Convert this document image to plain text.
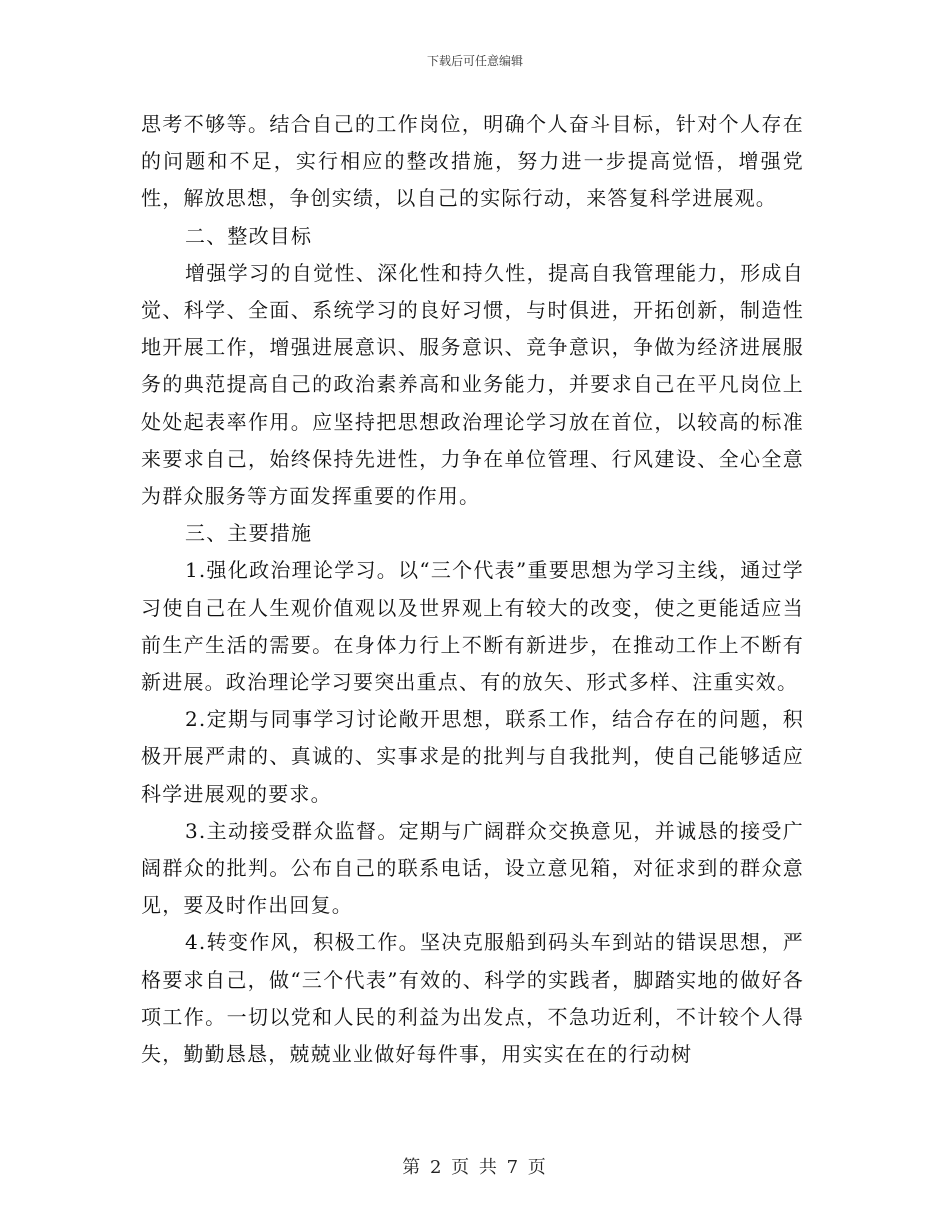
下载后可任意编辑

思考不够等。结合自己的工作岗位，明确个人奋斗目标，针对个人存在的问题和不足，实行相应的整改措施，努力进一步提高觉悟，增强党性，解放思想，争创实绩，以自己的实际行动，来答复科学进展观。

二、整改目标

增强学习的自觉性、深化性和持久性，提高自我管理能力，形成自觉、科学、全面、系统学习的良好习惯，与时俱进，开拓创新，制造性地开展工作，增强进展意识、服务意识、竞争意识，争做为经济进展服务的典范提高自己的政治素养高和业务能力，并要求自己在平凡岗位上处处起表率作用。应坚持把思想政治理论学习放在首位，以较高的标准来要求自己，始终保持先进性，力争在单位管理、行风建设、全心全意为群众服务等方面发挥重要的作用。

三、主要措施

1.强化政治理论学习。以“三个代表”重要思想为学习主线，通过学习使自己在人生观价值观以及世界观上有较大的改变，使之更能适应当前生产生活的需要。在身体力行上不断有新进步，在推动工作上不断有新进展。政治理论学习要突出重点、有的放矢、形式多样、注重实效。

2.定期与同事学习讨论敞开思想，联系工作，结合存在的问题，积极开展严肃的、真诚的、实事求是的批判与自我批判，使自己能够适应科学进展观的要求。

3.主动接受群众监督。定期与广阔群众交换意见，并诚恳的接受广阔群众的批判。公布自己的联系电话，设立意见箱，对征求到的群众意见，要及时作出回复。

4.转变作风，积极工作。坚决克服船到码头车到站的错误思想，严格要求自己，做“三个代表”有效的、科学的实践者，脚踏实地的做好各项工作。一切以党和人民的利益为出发点，不急功近利，不计较个人得失，勤勤恳恳，兢兢业业做好每件事，用实实在在的行动树

第 2 页 共 7 页
